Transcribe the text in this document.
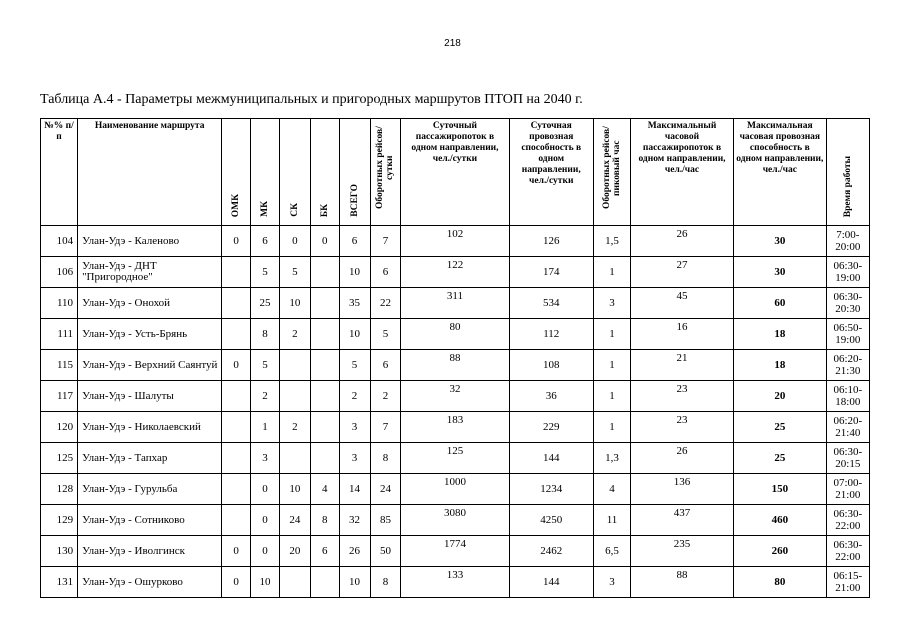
218
Таблица А.4 - Параметры межмуниципальных и пригородных маршрутов ПТОП на 2040 г.
№% п/п	Наименование маршрута	ОМК	МК	СК	БК	ВСЕГО	Оборотных рейсов/сутки	Суточный пассажиропоток в одном направлении, чел./сутки	Суточная провозная способность в одном направлении, чел./сутки	Оборотных рейсов/ пиковый час	Максимальный часовой пассажиропоток в одном направлении, чел./час	Максимальная часовая провозная способность в одном направлении, чел./час	Время работы
104	Улан-Удэ - Каленово	0	6	0	0	6	7	102	126	1,5	26	30	7:00-20:00
106	Улан-Удэ - ДНТ "Пригородное"		5	5		10	6	122	174	1	27	30	06:30-19:00
110	Улан-Удэ - Онохой		25	10		35	22	311	534	3	45	60	06:30-20:30
111	Улан-Удэ - Усть-Брянь		8	2		10	5	80	112	1	16	18	06:50-19:00
115	Улан-Удэ - Верхний Саянтуй	0	5			5	6	88	108	1	21	18	06:20-21:30
117	Улан-Удэ - Шалуты		2			2	2	32	36	1	23	20	06:10-18:00
120	Улан-Удэ - Николаевский		1	2		3	7	183	229	1	23	25	06:20-21:40
125	Улан-Удэ - Тапхар		3			3	8	125	144	1,3	26	25	06:30-20:15
128	Улан-Удэ - Гурульба		0	10	4	14	24	1000	1234	4	136	150	07:00-21:00
129	Улан-Удэ - Сотниково		0	24	8	32	85	3080	4250	11	437	460	06:30-22:00
130	Улан-Удэ - Иволгинск	0	0	20	6	26	50	1774	2462	6,5	235	260	06:30-22:00
131	Улан-Удэ - Ошурково	0	10			10	8	133	144	3	88	80	06:15-21:00
